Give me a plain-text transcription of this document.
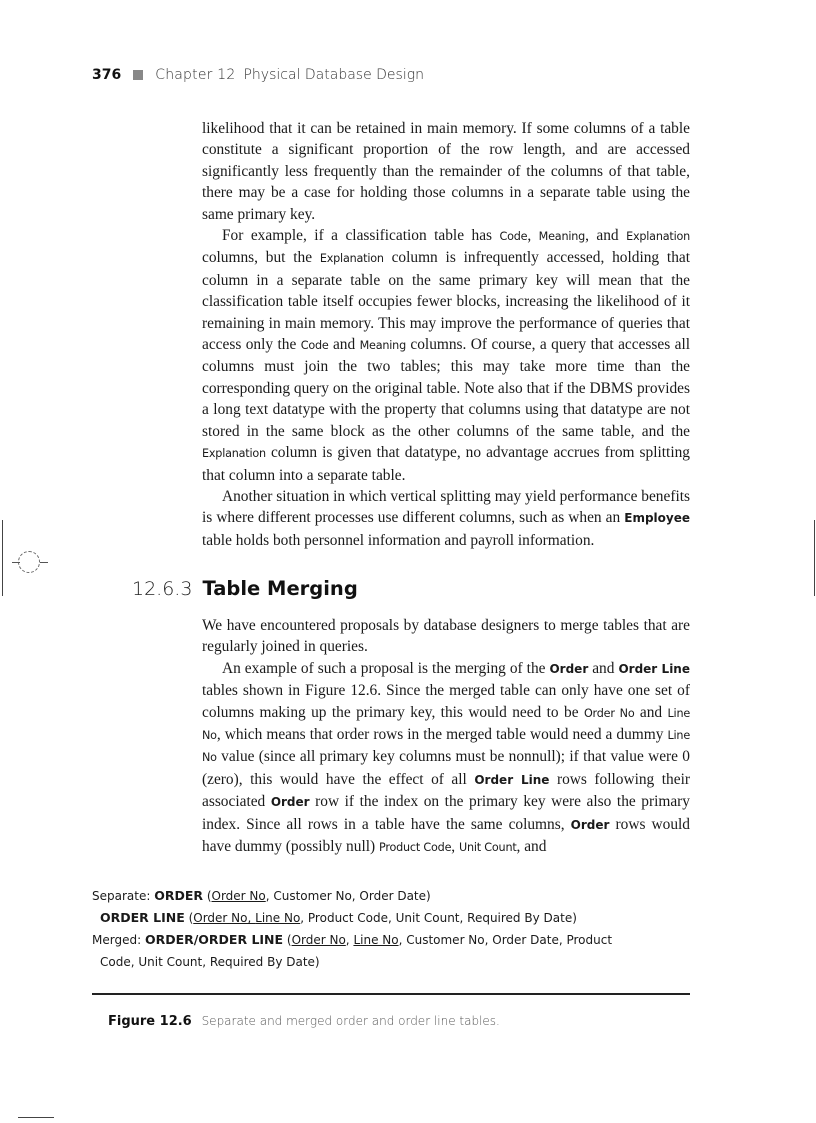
376 Chapter 12 Physical Database Design

likelihood that it can be retained in main memory. If some columns of a table constitute a significant proportion of the row length, and are accessed significantly less frequently than the remainder of the columns of that table, there may be a case for holding those columns in a separate table using the same primary key.

For example, if a classification table has Code, Meaning, and Explanation columns, but the Explanation column is infrequently accessed, holding that column in a separate table on the same primary key will mean that the classification table itself occupies fewer blocks, increasing the likelihood of it remaining in main memory. This may improve the performance of queries that access only the Code and Meaning columns. Of course, a query that accesses all columns must join the two tables; this may take more time than the corresponding query on the original table. Note also that if the DBMS provides a long text datatype with the property that columns using that datatype are not stored in the same block as the other columns of the same table, and the Explanation column is given that datatype, no advantage accrues from splitting that column into a separate table.

Another situation in which vertical splitting may yield performance benefits is where different processes use different columns, such as when an Employee table holds both personnel information and payroll information.

12.6.3 Table Merging

We have encountered proposals by database designers to merge tables that are regularly joined in queries.

An example of such a proposal is the merging of the Order and Order Line tables shown in Figure 12.6. Since the merged table can only have one set of columns making up the primary key, this would need to be Order No and Line No, which means that order rows in the merged table would need a dummy Line No value (since all primary key columns must be nonnull); if that value were 0 (zero), this would have the effect of all Order Line rows following their associated Order row if the index on the primary key were also the primary index. Since all rows in a table have the same columns, Order rows would have dummy (possibly null) Product Code, Unit Count, and

Separate: ORDER (Order No, Customer No, Order Date)
ORDER LINE (Order No, Line No, Product Code, Unit Count, Required By Date)
Merged: ORDER/ORDER LINE (Order No, Line No, Customer No, Order Date, Product
Code, Unit Count, Required By Date)
Figure 12.6 Separate and merged order and order line tables.
